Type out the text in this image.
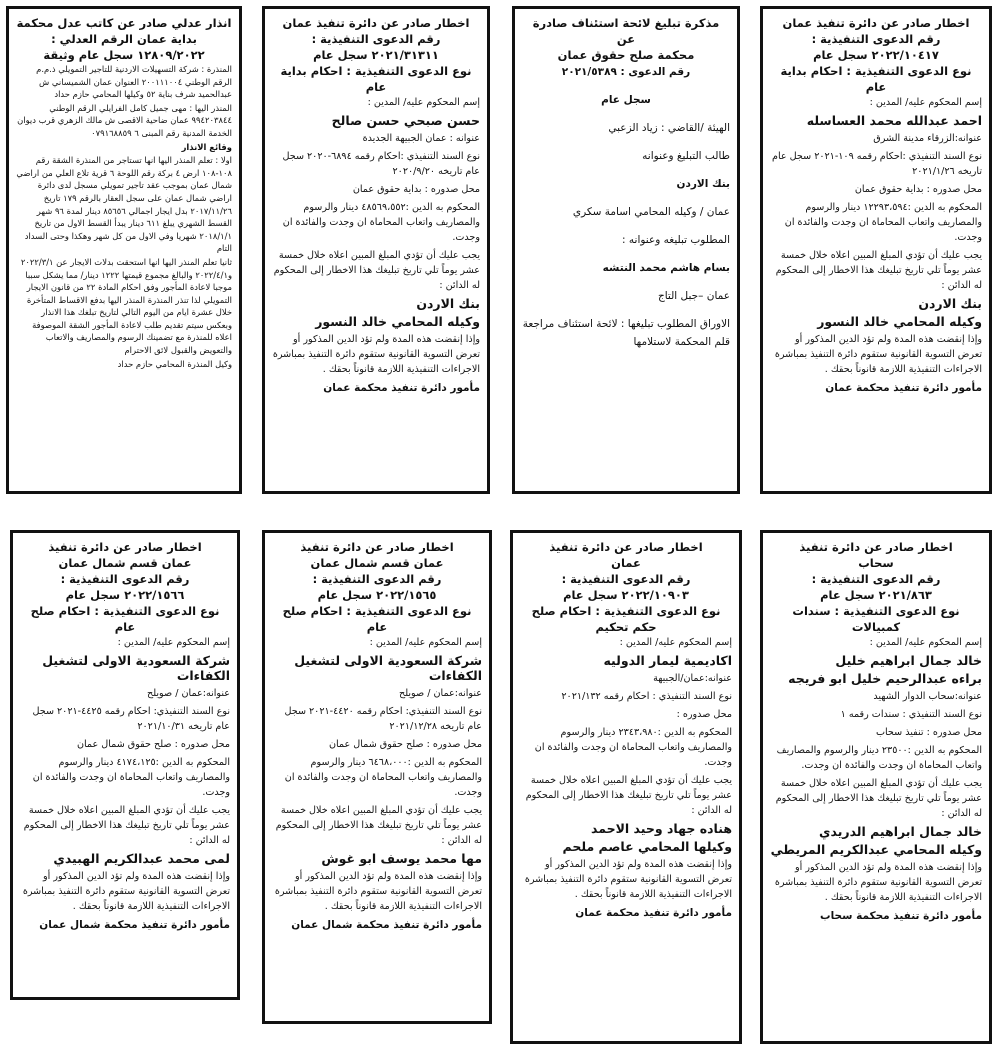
انذار عدلي صادر عن كاتب عدل محكمة بداية عمان الرقم العدلي : ١٢٨٠٩/٢٠٢٢ سجل عام وثيقة

المنذرة : شركة التسهيلات الاردنية للتاجير التمويلي ذ.م.م الرقم الوطني ٢٠٠١١١٠٠٤ العنوان عمان الشميساني ش عبدالحميد شرف بناية ٥٢ وكيلها المحامي حازم حداد

المنذر اليها : مهى جميل كامل الفرايلي الرقم الوطني ٩٩٤٢٠٣٨٤٤ عمان ضاحية الاقصى ش مالك الزهري قرب ديوان الخدمة المدنية رقم المبنى ٦ ٠٧٩١٦٨٨٥٩

وقائع الانذار

اولا : تعلم المنذر اليها انها تستاجر من المنذرة الشقة رقم ١٠٨-١٠٨ ارض ٤ بركة رقم اللوحة ٦ قرية تلاع العلي من اراضي شمال عمان بموجب عقد تاجير تمويلي مسجل لدى دائرة اراضي شمال عمان على سجل العقار بالرقم ١٧٩ تاريخ ٢٠١٧/١١/٢٦ بدل ايجار اجمالي ٨٥٦٥٦ دينار لمدة ٩٦ شهر القسط الشهري يبلغ ٦١١ دينار يبدأ القسط الاول من تاريخ ٢٠١٨/١/١ شهريا وفي الاول من كل شهر وهكذا وحتى السداد التام

ثانيا تعلم المنذر اليها انها استحقت بدلات الايجار عن ٢٠٢٢/٣/١ و٢٠٢٢/٤/١ والبالغ مجموع قيمتها ١٢٢٢ دينار/ مما يشكل سببا موجبا لاعادة المأجور وفق احكام المادة ٢٢ من قانون الايجار التمويلي لذا تنذر المنذرة المنذر اليها بدفع الاقساط المتأخرة خلال عشرة ايام من اليوم التالي لتاريخ تبلغك هذا الانذار وبعكس سيتم تقديم طلب لاعادة المأجور الشقة الموصوفة اعلاه للمنذرة مع تضمينك الرسوم والمصاريف والاتعاب والتعويض والقبول لائق الاحترام

وكيل المنذرة المحامي حازم حداد

اخطار صادر عن دائرة تنفيذ عمان
رقم الدعوى التنفيذية :
٢٠٢١/٣١٣١١ سجل عام
نوع الدعوى التنفيذية : احكام بداية عام

إسم المحكوم عليه/ المدين :

حسن صبحي حسن صالح

عنوانه : عمان الجبيهة الجديدة

نوع السند التنفيذي :احكام رقمه ٦٨٩٤-٢٠٢٠ سجل عام تاريخه ٢٠٢٠/٩/٢٠

محل صدوره : بداية حقوق عمان

المحكوم به الدين :٤٨٥٦٩،٥٥٢ دينار والرسوم والمصاريف واتعاب المحاماة ان وجدت والفائدة ان وجدت.

يجب عليك أن تؤدي المبلغ المبين اعلاه خلال خمسة عشر يوماً تلي تاريخ تبليغك هذا الاخطار إلى المحكوم له الدائن :

بنك الاردن

وكيله المحامي خالد النسور

وإذا إنقضت هذه المدة ولم تؤد الدين المذكور أو تعرض التسوية القانونية ستقوم دائرة التنفيذ بمباشرة الاجراءات التنفيذية اللازمة قانوناً بحقك .

مأمور دائرة تنفيذ محكمة عمان

مذكرة تبليغ لائحة استئناف صادرة عن
محكمة صلح حقوق عمان

رقم الدعوى : ٢٠٢١/٥٣٨٩

سجل عام

الهيئة /القاضي : زياد الزعبي

طالب التبليغ وعنوانه

بنك الاردن

عمان / وكيله المحامي اسامة سكري

المطلوب تبليغه وعنوانه :

بسام هاشم محمد النتشه

عمان –جبل التاج

الاوراق المطلوب تبليغها : لائحة استئناف مراجعة قلم المحكمة لاستلامها

اخطار صادر عن دائرة تنفيذ عمان
رقم الدعوى التنفيذية :
٢٠٢٢/١٠٤١٧ سجل عام
نوع الدعوى التنفيذية : احكام بداية عام

إسم المحكوم عليه/ المدين :

احمد عبدالله محمد العساسله

عنوانه:الزرقاء مدينة الشرق

نوع السند التنفيذي :احكام رقمه ١٠٩-٢٠٢١ سجل عام تاريخه ٢٠٢١/١/٢٦

محل صدوره : بداية حقوق عمان

المحكوم به الدين :١٢٢٩٣،٥٩٤ دينار والرسوم والمصاريف واتعاب المحاماة ان وجدت والفائدة ان وجدت.

يجب عليك أن تؤدي المبلغ المبين اعلاه خلال خمسة عشر يوماً تلي تاريخ تبليغك هذا الاخطار إلى المحكوم له الدائن :

بنك الاردن

وكيله المحامي خالد النسور

وإذا إنقضت هذه المدة ولم تؤد الدين المذكور أو تعرض التسوية القانونية ستقوم دائرة التنفيذ بمباشرة الاجراءات التنفيذية اللازمة قانوناً بحقك .

مأمور دائرة تنفيذ محكمة عمان

اخطار صادر عن دائرة تنفيذ
عمان قسم شمال عمان
رقم الدعوى التنفيذية :
٢٠٢٢/١٥٦٦ سجل عام
نوع الدعوى التنفيذية : احكام صلح عام

إسم المحكوم عليه/ المدين :

شركة السعودية الاولى لتشغيل الكفاءات

عنوانه:عمان / صويلح

نوع السند التنفيذي: احكام رقمه ٤٤٢٥-٢٠٢١ سجل عام تاريخه ٢٠٢١/١٠/٣١

محل صدوره : صلح حقوق شمال عمان

المحكوم به الدين :٤١٧٤،١٢٥ دينار والرسوم والمصاريف واتعاب المحاماة ان وجدت والفائدة ان وجدت.

يجب عليك أن تؤدي المبلغ المبين اعلاه خلال خمسة عشر يوماً تلي تاريخ تبليغك هذا الاخطار إلى المحكوم له الدائن :

لمى محمد عبدالكريم الهبيدي

وإذا إنقضت هذه المدة ولم تؤد الدين المذكور أو تعرض التسوية القانونية ستقوم دائرة التنفيذ بمباشرة الاجراءات التنفيذية اللازمة قانوناً بحقك .

مأمور دائرة تنفيذ محكمة شمال عمان

اخطار صادر عن دائرة تنفيذ
عمان قسم شمال عمان
رقم الدعوى التنفيذية :
٢٠٢٢/١٥٦٥ سجل عام
نوع الدعوى التنفيذية : احكام صلح عام

إسم المحكوم عليه/ المدين :

شركة السعودية الاولى لتشغيل الكفاءات

عنوانه:عمان / صويلح

نوع السند التنفيذي: احكام رقمه ٤٤٢٠-٢٠٢١ سجل عام تاريخه ٢٠٢١/١٢/٢٨

محل صدوره : صلح حقوق شمال عمان

المحكوم به الدين :٦٤٦٨،٠٠٠ دينار والرسوم والمصاريف واتعاب المحاماة ان وجدت والفائدة ان وجدت.

يجب عليك أن تؤدي المبلغ المبين اعلاه خلال خمسة عشر يوماً تلي تاريخ تبليغك هذا الاخطار إلى المحكوم له الدائن :

مها محمد يوسف ابو غوش

وإذا إنقضت هذه المدة ولم تؤد الدين المذكور أو تعرض التسوية القانونية ستقوم دائرة التنفيذ بمباشرة الاجراءات التنفيذية اللازمة قانوناً بحقك .

مأمور دائرة تنفيذ محكمة شمال عمان

اخطار صادر عن دائرة تنفيذ
عمان
رقم الدعوى التنفيذية :
٢٠٢٢/١٠٩٠٣ سجل عام
نوع الدعوى التنفيذية : احكام صلح
حكم تحكيم

إسم المحكوم عليه/ المدين :

اكاديمية ليمار الدوليه

عنوانه:عمان/الجبيهة

نوع السند التنفيذي : احكام رقمه ٢٠٢١/١٣٢

محل صدوره :

المحكوم به الدين :٢٣٤٣،٩٨٠ دينار والرسوم والمصاريف واتعاب المحاماة ان وجدت والفائدة ان وجدت.

يجب عليك أن تؤدي المبلغ المبين اعلاه خلال خمسة عشر يوماً تلي تاريخ تبليغك هذا الاخطار إلى المحكوم له الدائن :

هناده جهاد وحيد الاحمد

وكيلها المحامي عاصم ملحم

وإذا إنقضت هذه المدة ولم تؤد الدين المذكور أو تعرض التسوية القانونية ستقوم دائرة التنفيذ بمباشرة الاجراءات التنفيذية اللازمة قانوناً بحقك .

مأمور دائرة تنفيذ محكمة عمان

اخطار صادر عن دائرة تنفيذ
سحاب
رقم الدعوى التنفيذية :
٢٠٢١/٨٦٣ سجل عام
نوع الدعوى التنفيذية : سندات كمبيالات

إسم المحكوم عليه/ المدين :

خالد جمال ابراهيم خليل

براءه عبدالرحيم خليل ابو فريجه

عنوانه:سحاب الدوار الشهيد

نوع السند التنفيذي : سندات رقمه ١

محل صدوره : تنفيذ سحاب

المحكوم به الدين :٢٣٥٠٠ دينار والرسوم والمصاريف واتعاب المحاماة ان وجدت والفائدة ان وجدت.

يجب عليك أن تؤدي المبلغ المبين اعلاه خلال خمسة عشر يوماً تلي تاريخ تبليغك هذا الاخطار إلى المحكوم له الدائن :

خالد جمال ابراهيم الدريدي

وكيله المحامي عبدالكريم المريطي

وإذا إنقضت هذه المدة ولم تؤد الدين المذكور أو تعرض التسوية القانونية ستقوم دائرة التنفيذ بمباشرة الاجراءات التنفيذية اللازمة قانوناً بحقك .

مأمور دائرة تنفيذ محكمة سحاب
